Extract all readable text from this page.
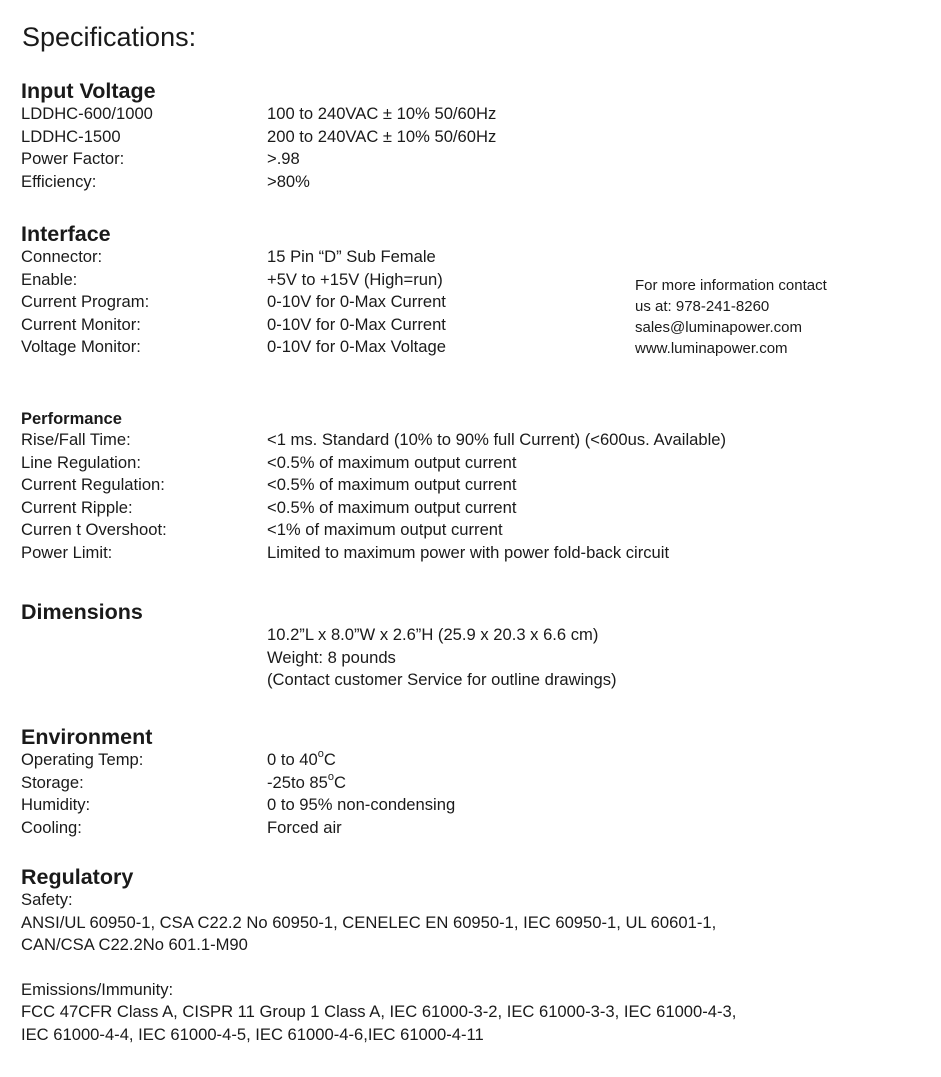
Specifications:
Input Voltage
LDDHC-600/1000	100 to 240VAC ± 10% 50/60Hz
LDDHC-1500	200 to 240VAC ± 10% 50/60Hz
Power Factor:	>.98
Efficiency:	>80%
Interface
Connector:	15 Pin “D” Sub Female
Enable:	+5V to +15V (High=run)
Current Program:	0-10V for 0-Max Current
Current Monitor:	0-10V for 0-Max Current
Voltage Monitor:	0-10V for 0-Max Voltage
For more information contact
us at: 978-241-8260
sales@luminapower.com
www.luminapower.com
Performance
Rise/Fall Time:	<1 ms. Standard (10% to 90% full Current) (<600us. Available)
Line Regulation:	<0.5% of maximum output current
Current Regulation:	<0.5% of maximum output current
Current Ripple:	<0.5% of maximum output current
Curren t Overshoot:	<1% of maximum output current
Power Limit:	Limited to maximum power with power fold-back circuit
Dimensions
10.2”L x 8.0”W x 2.6”H (25.9 x 20.3 x 6.6 cm)
Weight: 8 pounds
(Contact customer Service for outline drawings)
Environment
Operating Temp:	0 to 40$^o$C
Storage:	-25to 85$^o$C
Humidity:	0 to 95% non-condensing
Cooling:	Forced air
Regulatory
Safety:
ANSI/UL 60950-1, CSA C22.2 No 60950-1, CENELEC EN 60950-1, IEC 60950-1, UL 60601-1,
CAN/CSA C22.2No 601.1-M90
Emissions/Immunity:
FCC 47CFR Class A, CISPR 11 Group 1 Class A, IEC 61000-3-2, IEC 61000-3-3, IEC 61000-4-3,
IEC 61000-4-4, IEC 61000-4-5, IEC 61000-4-6,IEC 61000-4-11
